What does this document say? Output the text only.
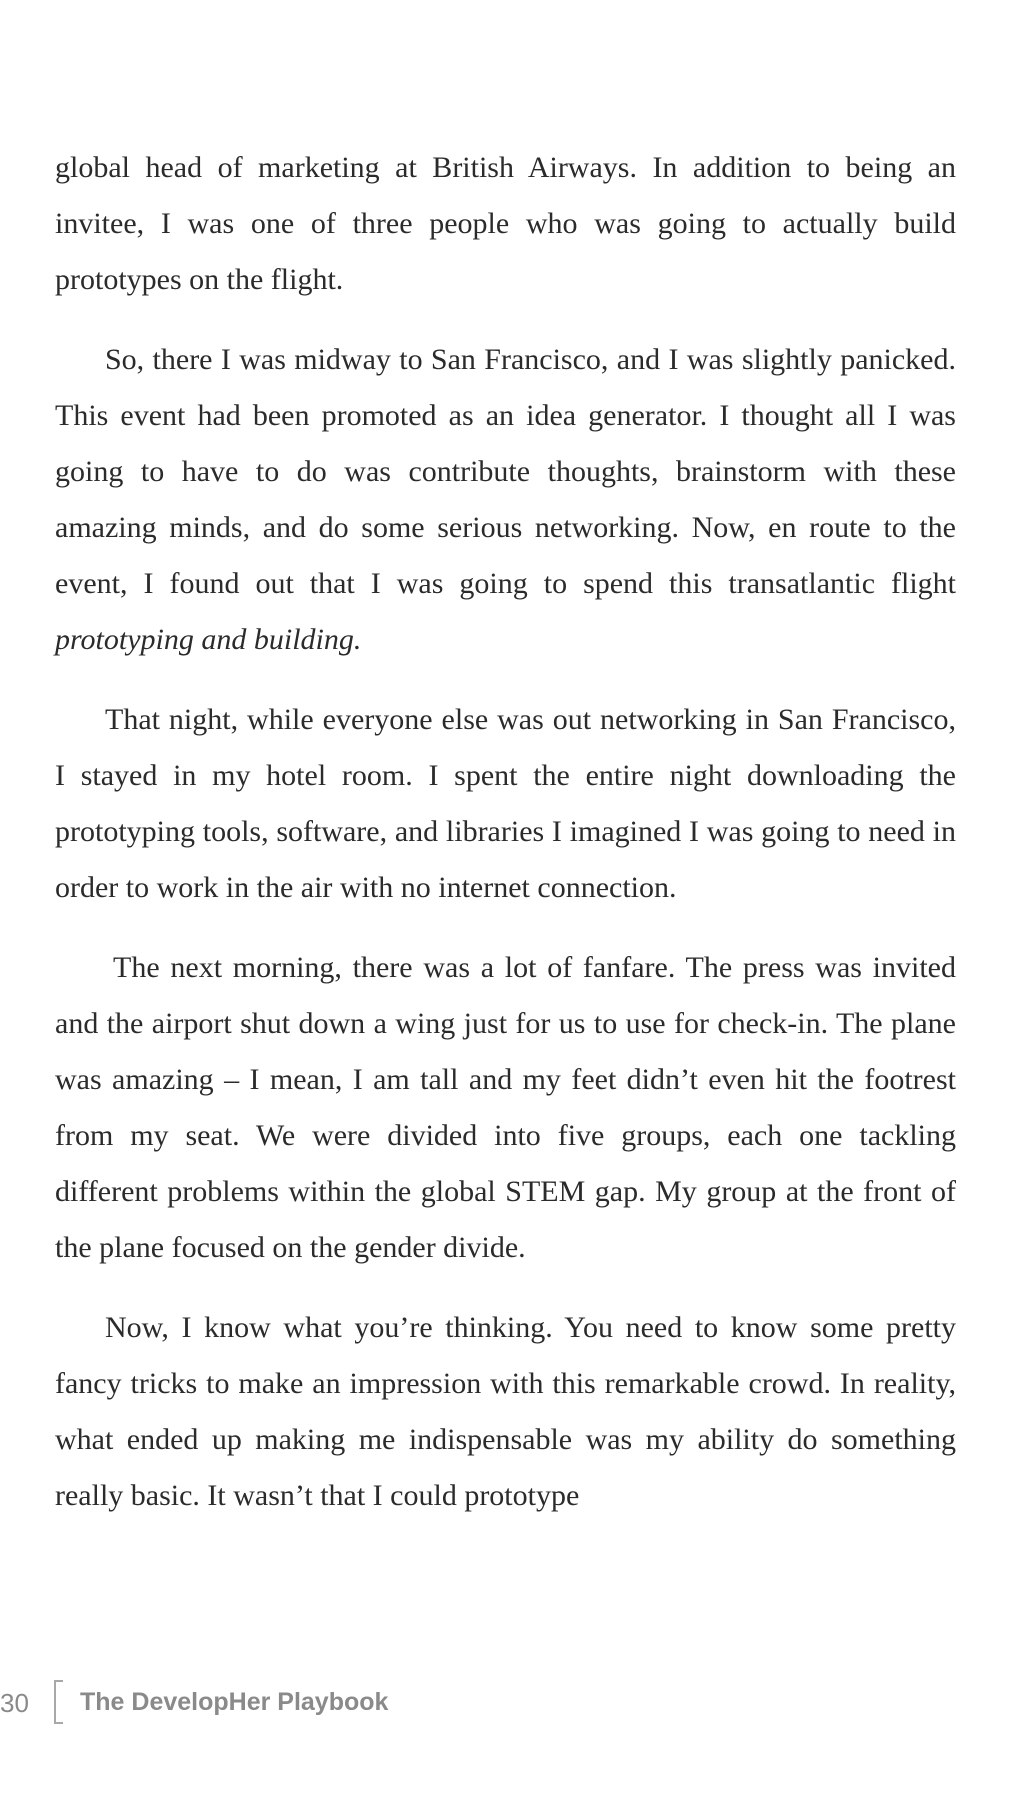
global head of marketing at British Airways. In addition to being an invitee, I was one of three people who was going to actually build prototypes on the flight.

So, there I was midway to San Francisco, and I was slightly panicked. This event had been promoted as an idea generator. I thought all I was going to have to do was contribute thoughts, brainstorm with these amazing minds, and do some serious networking. Now, en route to the event, I found out that I was going to spend this transatlantic flight prototyping and building.

That night, while everyone else was out networking in San Francisco, I stayed in my hotel room. I spent the entire night downloading the prototyping tools, software, and libraries I imagined I was going to need in order to work in the air with no internet connection.

The next morning, there was a lot of fanfare. The press was invited and the airport shut down a wing just for us to use for check-in. The plane was amazing – I mean, I am tall and my feet didn’t even hit the footrest from my seat. We were divided into five groups, each one tackling different problems within the global STEM gap. My group at the front of the plane focused on the gender divide.

Now, I know what you’re thinking. You need to know some pretty fancy tricks to make an impression with this remarkable crowd. In reality, what ended up making me indispensable was my ability do something really basic. It wasn’t that I could prototype

30 The DevelopHer Playbook
